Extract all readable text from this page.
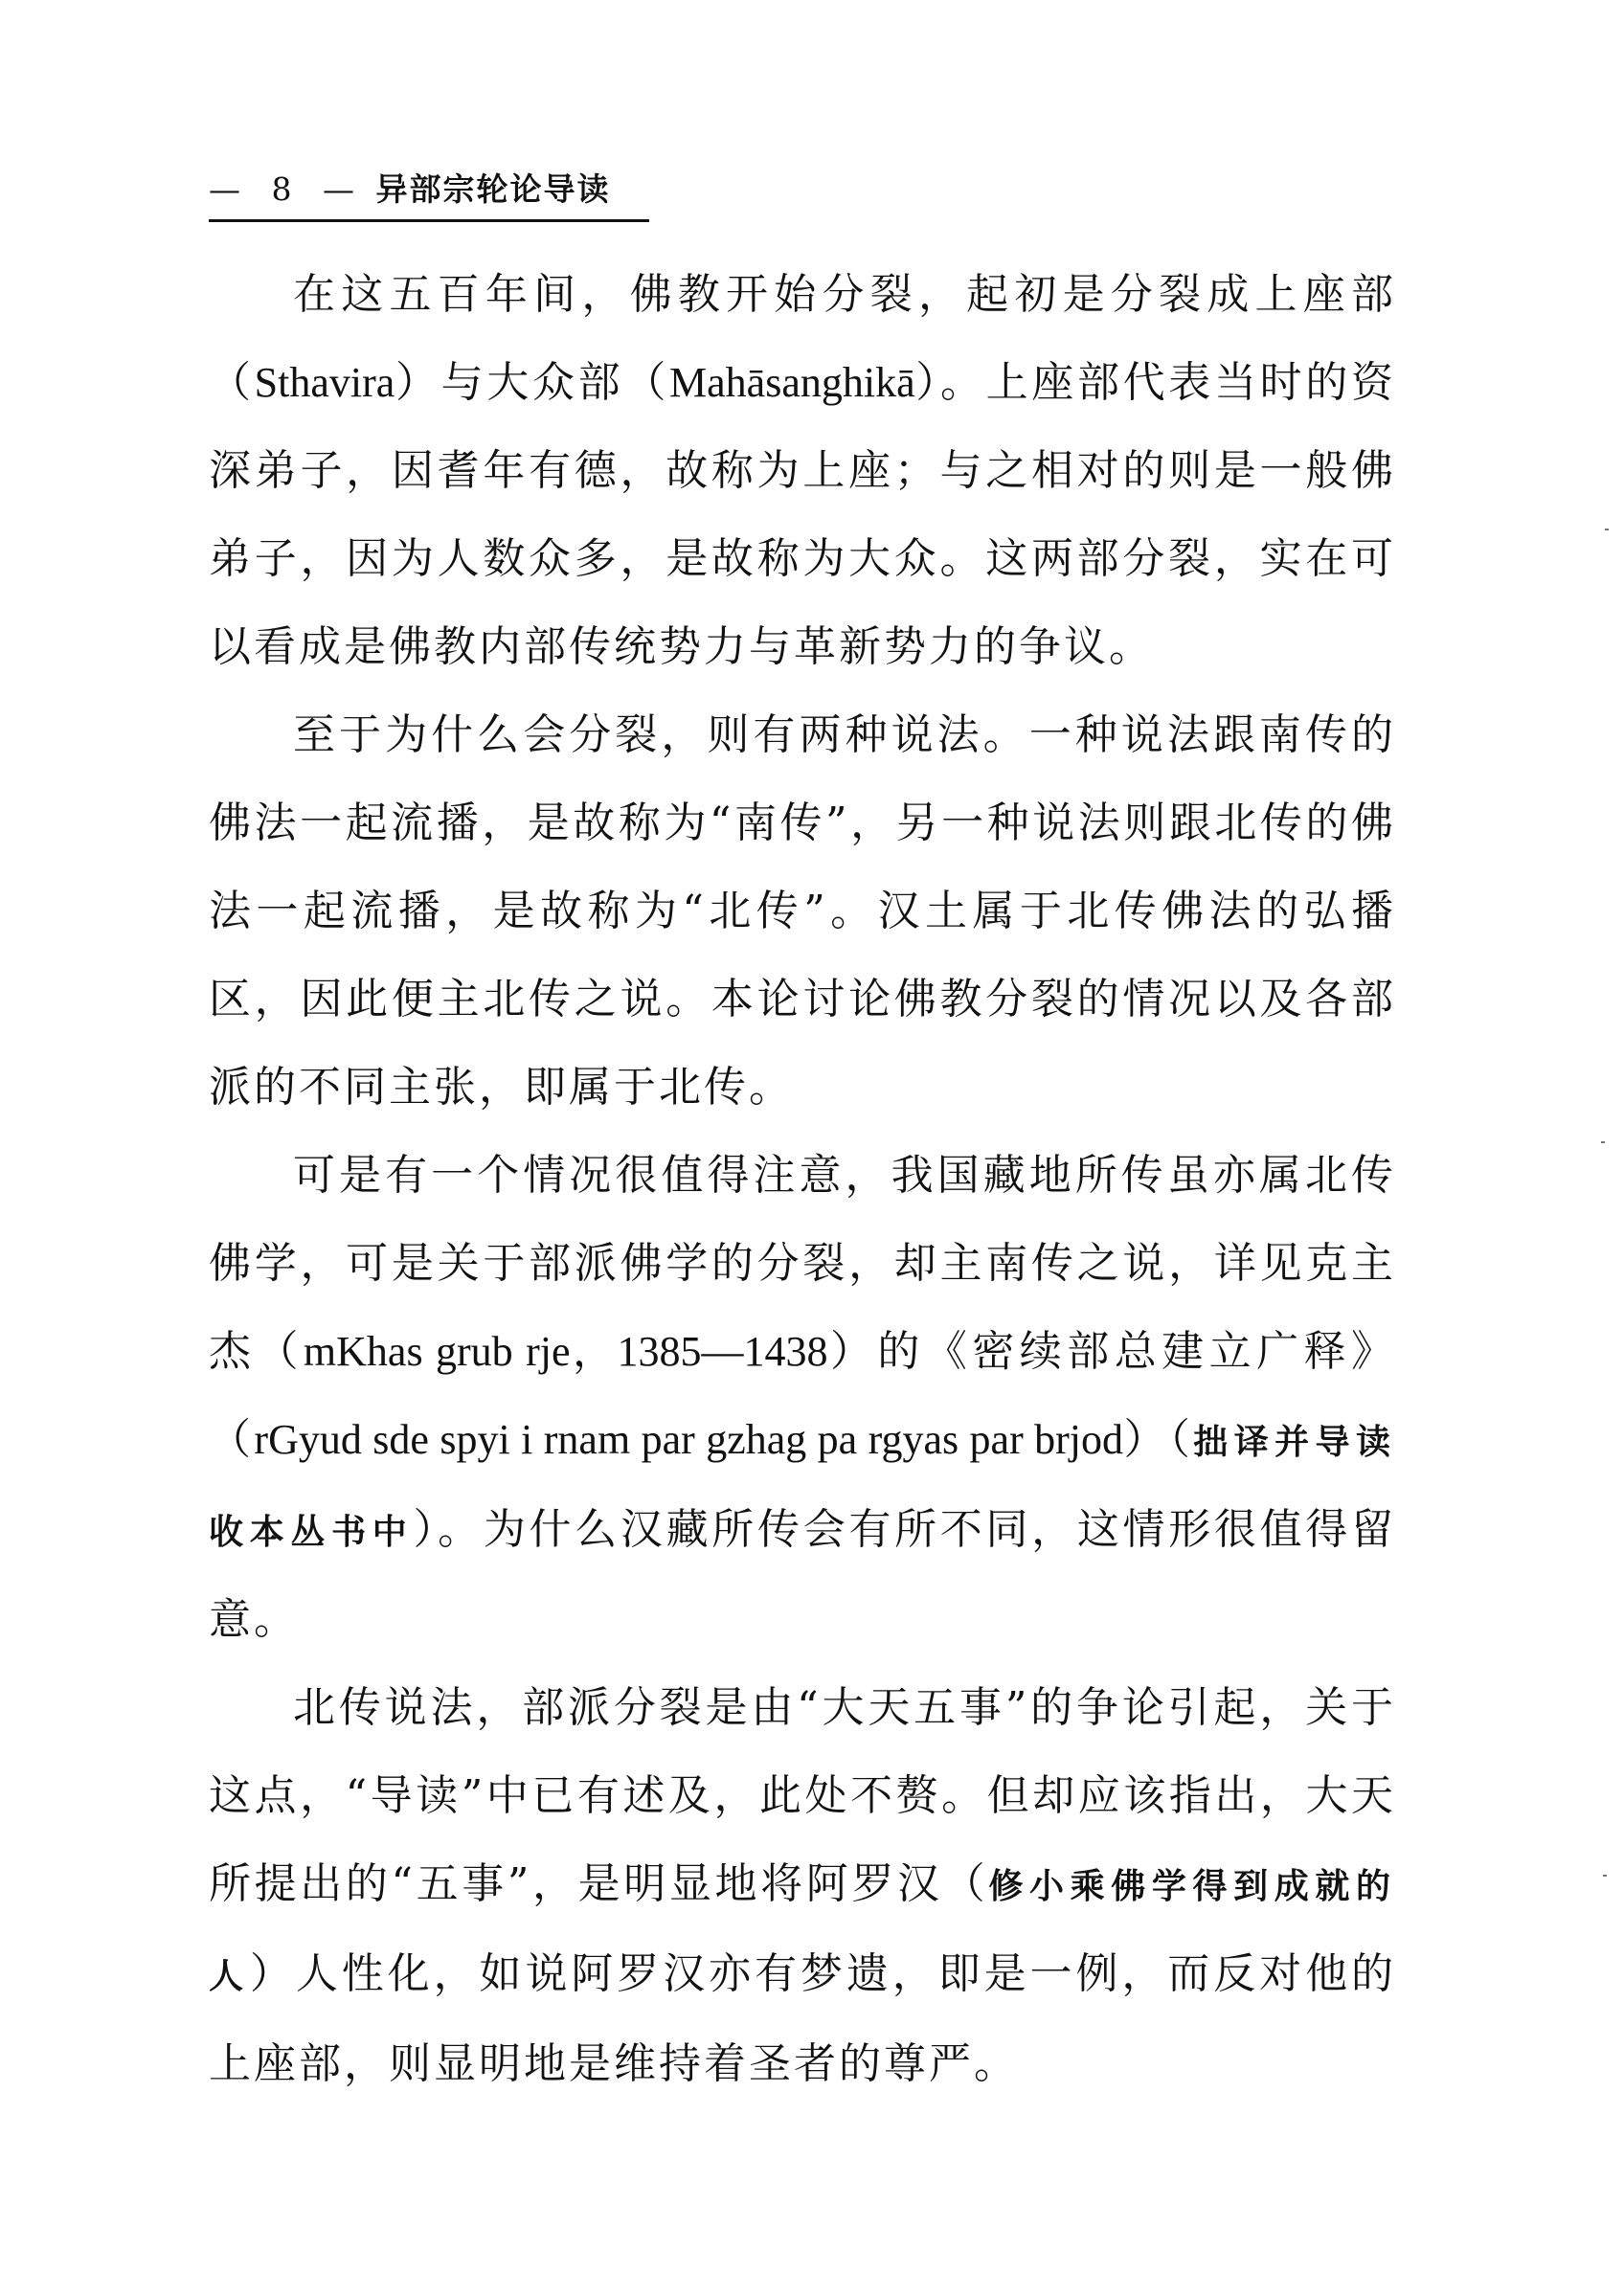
— 8 — 异部宗轮论导读

在这五百年间，佛教开始分裂，起初是分裂成上座部（Sthavira）与大众部（Mahāsanghikā）。上座部代表当时的资深弟子，因耆年有德，故称为上座；与之相对的则是一般佛弟子，因为人数众多，是故称为大众。这两部分裂，实在可以看成是佛教内部传统势力与革新势力的争议。

至于为什么会分裂，则有两种说法。一种说法跟南传的佛法一起流播，是故称为“南传”，另一种说法则跟北传的佛法一起流播，是故称为“北传”。汉土属于北传佛法的弘播区，因此便主北传之说。本论讨论佛教分裂的情况以及各部派的不同主张，即属于北传。

可是有一个情况很值得注意，我国藏地所传虽亦属北传佛学，可是关于部派佛学的分裂，却主南传之说，详见克主杰（mKhas grub rje，1385—1438）的《密续部总建立广释》（rGyud sde spyi i rnam par gzhag pa rgyas par brjod）（拙译并导读收本丛书中）。为什么汉藏所传会有所不同，这情形很值得留意。

北传说法，部派分裂是由“大天五事”的争论引起，关于这点，“导读”中已有述及，此处不赘。但却应该指出，大天所提出的“五事”，是明显地将阿罗汉（修小乘佛学得到成就的人）人性化，如说阿罗汉亦有梦遗，即是一例，而反对他的上座部，则显明地是维持着圣者的尊严。
